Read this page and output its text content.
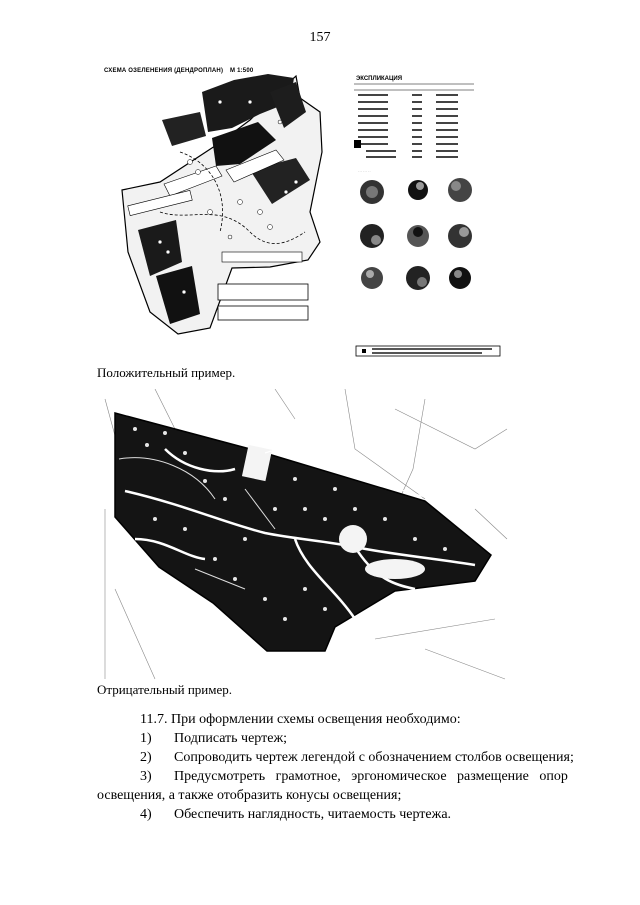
157
СХЕМА ОЗЕЛЕНЕНИЯ (ДЕНДРОПЛАН) М 1:500
ЭКСПЛИКАЦИЯ
. . . . . . . .
Положительный пример.
Отрицательный пример.
11.7. При оформлении схемы освещения необходимо:
1) Подписать чертеж;
2) Сопроводить чертеж легендой с обозначением столбов освещения;
3) Предусмотреть   грамотное,   эргономическое   размещение   опор
освещения, а также отобразить конусы освещения;
4) Обеспечить наглядность, читаемость чертежа.
